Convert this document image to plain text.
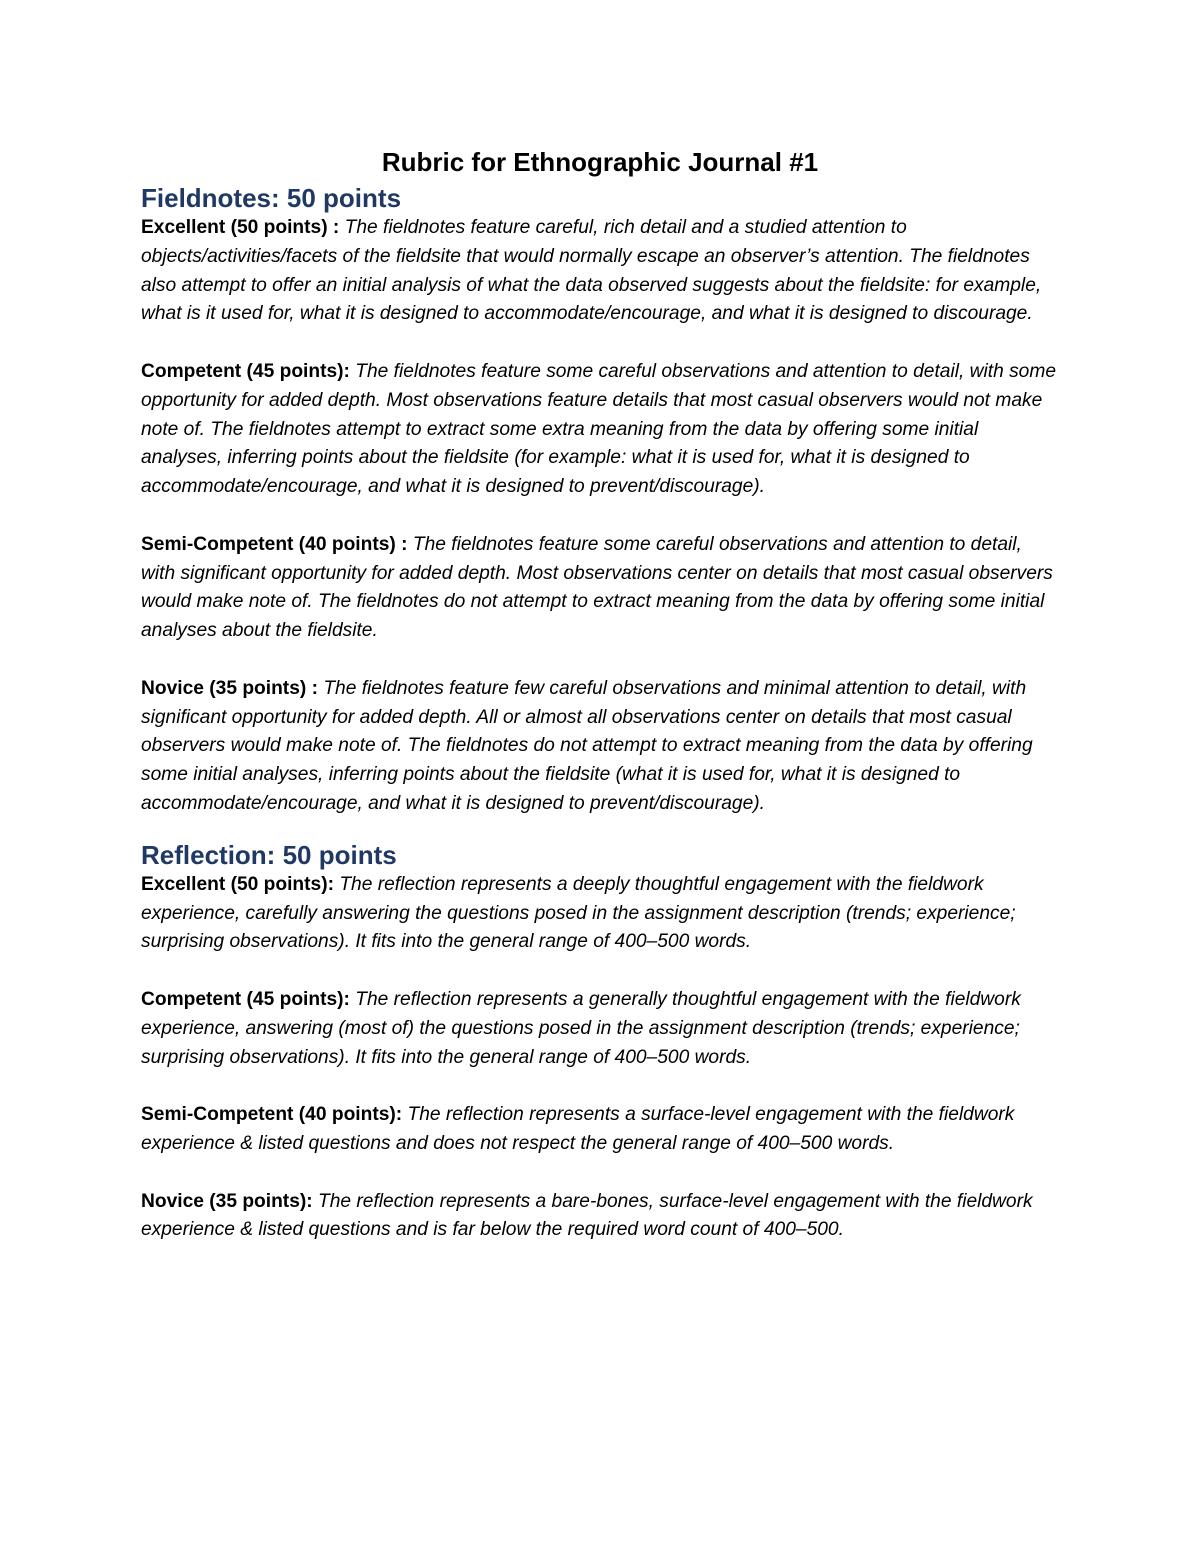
Rubric for Ethnographic Journal #1
Fieldnotes: 50 points

Excellent (50 points) : The fieldnotes feature careful, rich detail and a studied attention to objects/activities/facets of the fieldsite that would normally escape an observer’s attention. The fieldnotes also attempt to offer an initial analysis of what the data observed suggests about the fieldsite: for example, what is it used for, what it is designed to accommodate/encourage, and what it is designed to discourage.

Competent (45 points): The fieldnotes feature some careful observations and attention to detail, with some opportunity for added depth. Most observations feature details that most casual observers would not make note of. The fieldnotes attempt to extract some extra meaning from the data by offering some initial analyses, inferring points about the fieldsite (for example: what it is used for, what it is designed to accommodate/encourage, and what it is designed to prevent/discourage).

Semi-Competent (40 points) : The fieldnotes feature some careful observations and attention to detail, with significant opportunity for added depth. Most observations center on details that most casual observers would make note of. The fieldnotes do not attempt to extract meaning from the data by offering some initial analyses about the fieldsite.

Novice (35 points) : The fieldnotes feature few careful observations and minimal attention to detail, with significant opportunity for added depth. All or almost all observations center on details that most casual observers would make note of. The fieldnotes do not attempt to extract meaning from the data by offering some initial analyses, inferring points about the fieldsite (what it is used for, what it is designed to accommodate/encourage, and what it is designed to prevent/discourage).

Reflection: 50 points

Excellent (50 points): The reflection represents a deeply thoughtful engagement with the fieldwork experience, carefully answering the questions posed in the assignment description (trends; experience; surprising observations). It fits into the general range of 400–500 words.

Competent (45 points): The reflection represents a generally thoughtful engagement with the fieldwork experience, answering (most of) the questions posed in the assignment description (trends; experience; surprising observations). It fits into the general range of 400–500 words.

Semi-Competent (40 points): The reflection represents a surface-level engagement with the fieldwork experience & listed questions and does not respect the general range of 400–500 words.

Novice (35 points): The reflection represents a bare-bones, surface-level engagement with the fieldwork experience & listed questions and is far below the required word count of 400–500.
